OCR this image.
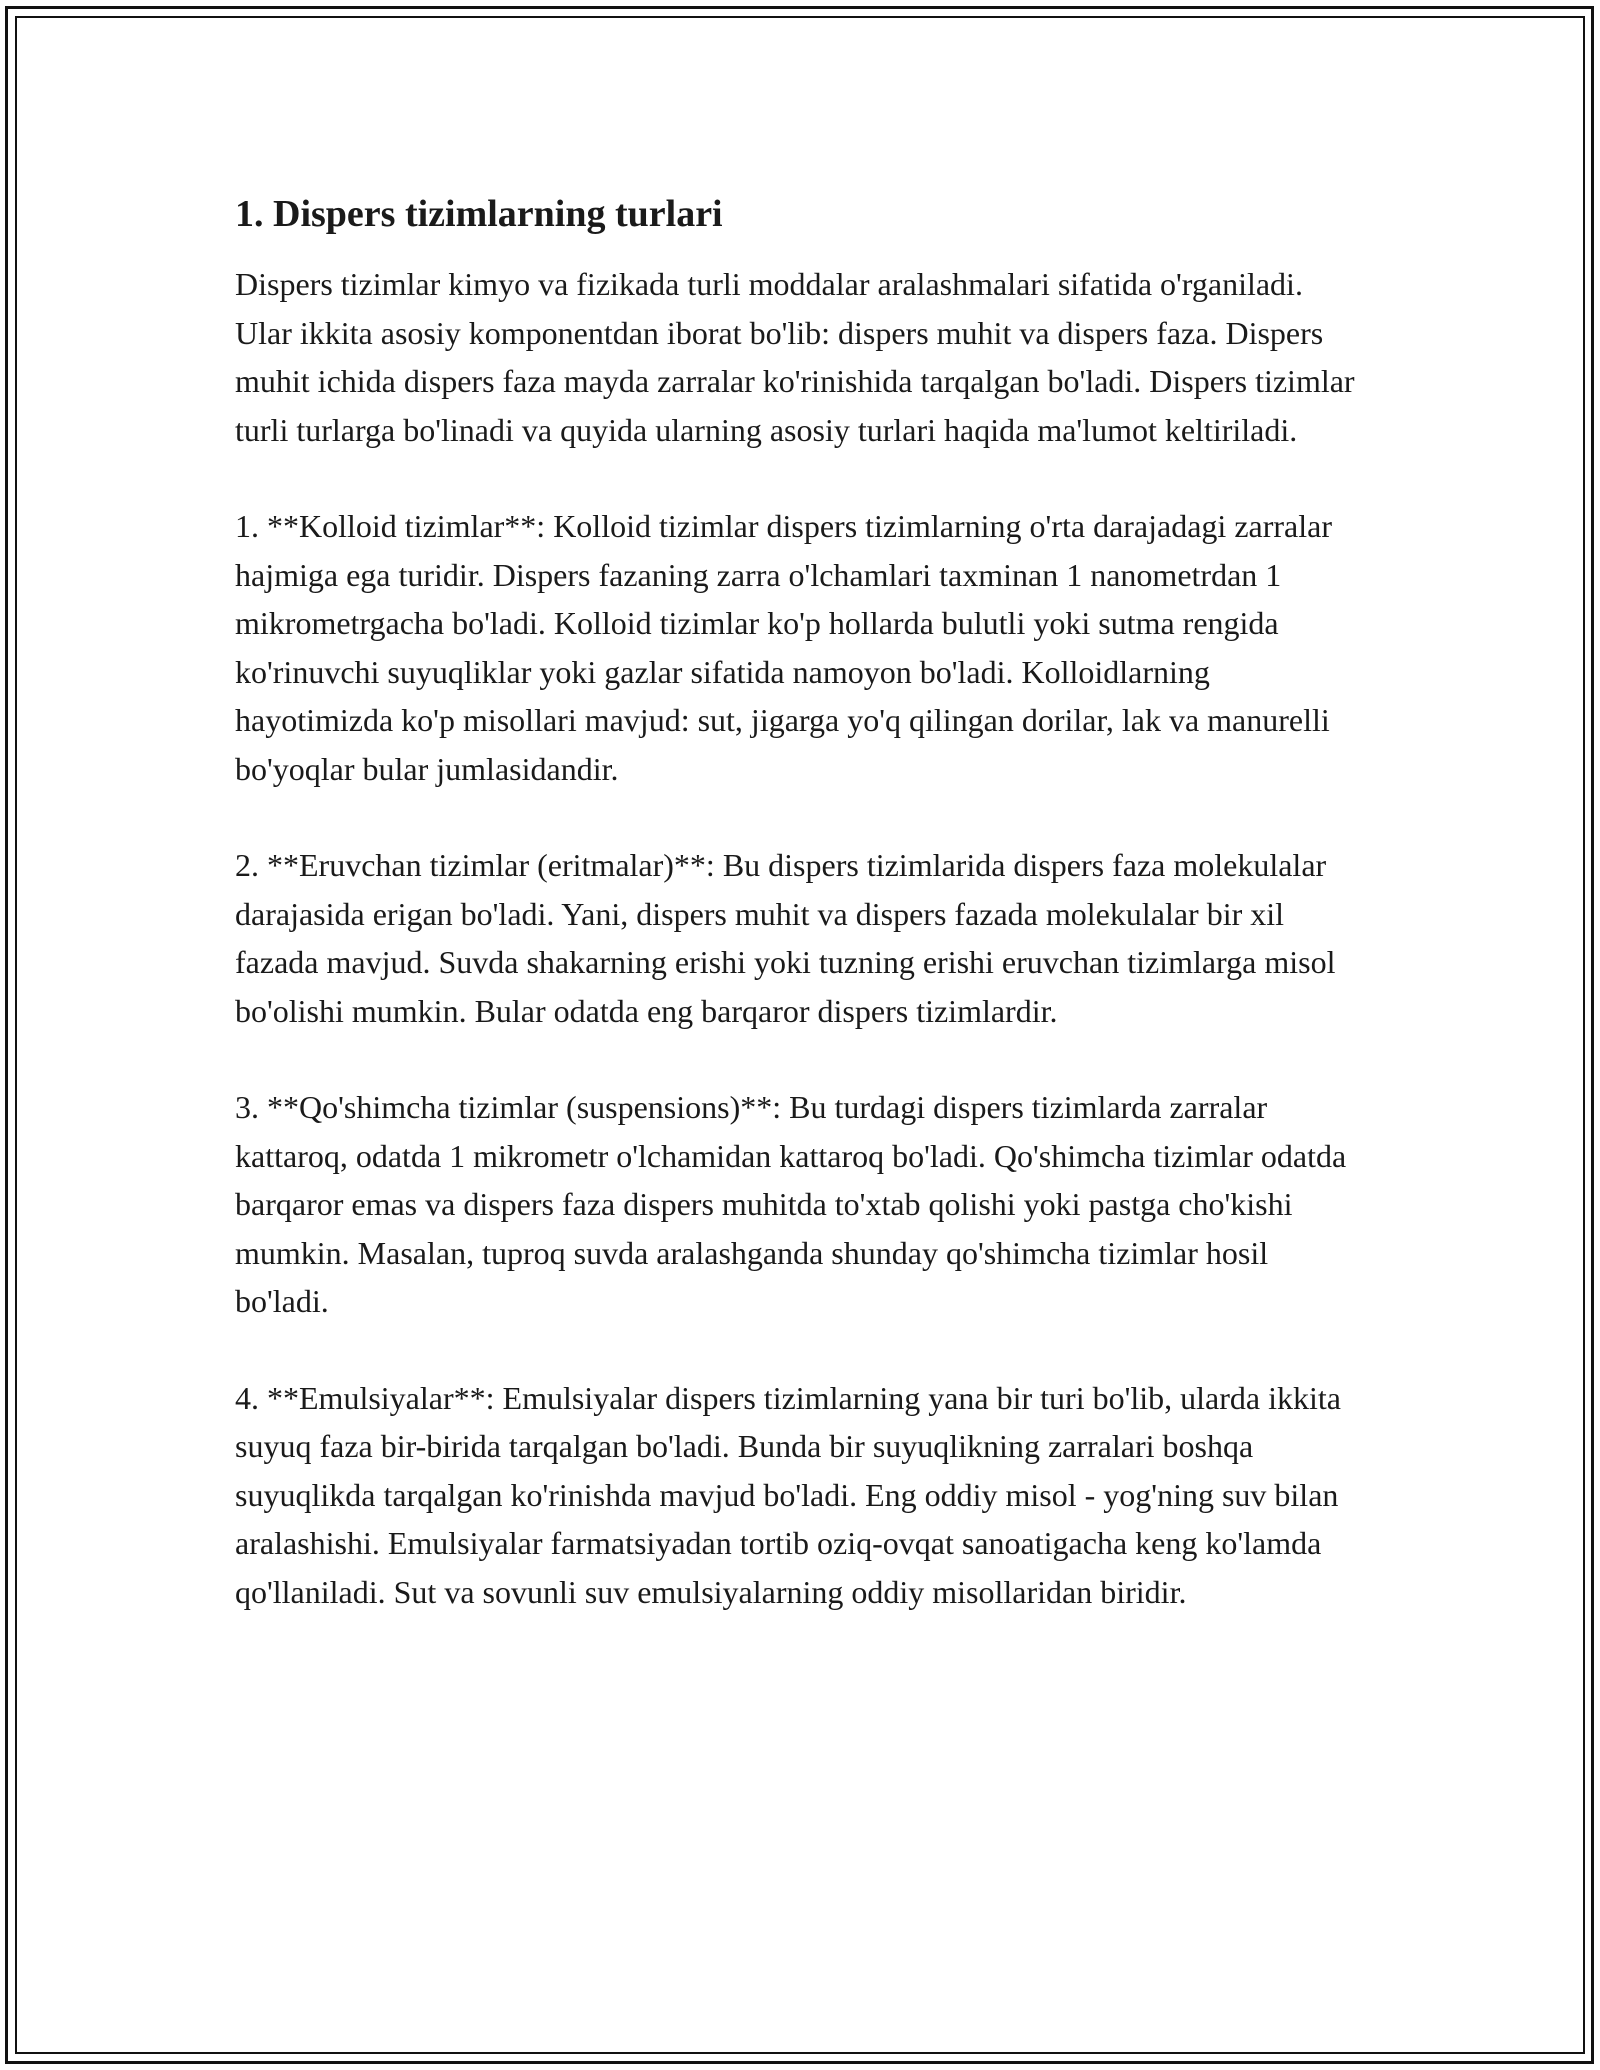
1. Dispers tizimlarning turlari

Dispers tizimlar kimyo va fizikada turli moddalar aralashmalari sifatida o'rganiladi. Ular ikkita asosiy komponentdan iborat bo'lib: dispers muhit va dispers faza. Dispers muhit ichida dispers faza mayda zarralar ko'rinishida tarqalgan bo'ladi. Dispers tizimlar turli turlarga bo'linadi va quyida ularning asosiy turlari haqida ma'lumot keltiriladi.

1. **Kolloid tizimlar**: Kolloid tizimlar dispers tizimlarning o'rta darajadagi zarralar hajmiga ega turidir. Dispers fazaning zarra o'lchamlari taxminan 1 nanometrdan 1 mikrometrgacha bo'ladi. Kolloid tizimlar ko'p hollarda bulutli yoki sutma rengida ko'rinuvchi suyuqliklar yoki gazlar sifatida namoyon bo'ladi. Kolloidlarning hayotimizda ko'p misollari mavjud: sut, jigarga yo'q qilingan dorilar, lak va manurelli bo'yoqlar bular jumlasidandir.

2. **Eruvchan tizimlar (eritmalar)**: Bu dispers tizimlarida dispers faza molekulalar darajasida erigan bo'ladi. Yani, dispers muhit va dispers fazada molekulalar bir xil fazada mavjud. Suvda shakarning erishi yoki tuzning erishi eruvchan tizimlarga misol bo'olishi mumkin. Bular odatda eng barqaror dispers tizimlardir.

3. **Qo'shimcha tizimlar (suspensions)**: Bu turdagi dispers tizimlarda zarralar kattaroq, odatda 1 mikrometr o'lchamidan kattaroq bo'ladi. Qo'shimcha tizimlar odatda barqaror emas va dispers faza dispers muhitda to'xtab qolishi yoki pastga cho'kishi mumkin. Masalan, tuproq suvda aralashganda shunday qo'shimcha tizimlar hosil bo'ladi.

4. **Emulsiyalar**: Emulsiyalar dispers tizimlarning yana bir turi bo'lib, ularda ikkita suyuq faza bir-birida tarqalgan bo'ladi. Bunda bir suyuqlikning zarralari boshqa suyuqlikda tarqalgan ko'rinishda mavjud bo'ladi. Eng oddiy misol - yog'ning suv bilan aralashishi. Emulsiyalar farmatsiyadan tortib oziq-ovqat sanoatigacha keng ko'lamda qo'llaniladi. Sut va sovunli suv emulsiyalarning oddiy misollaridan biridir.
